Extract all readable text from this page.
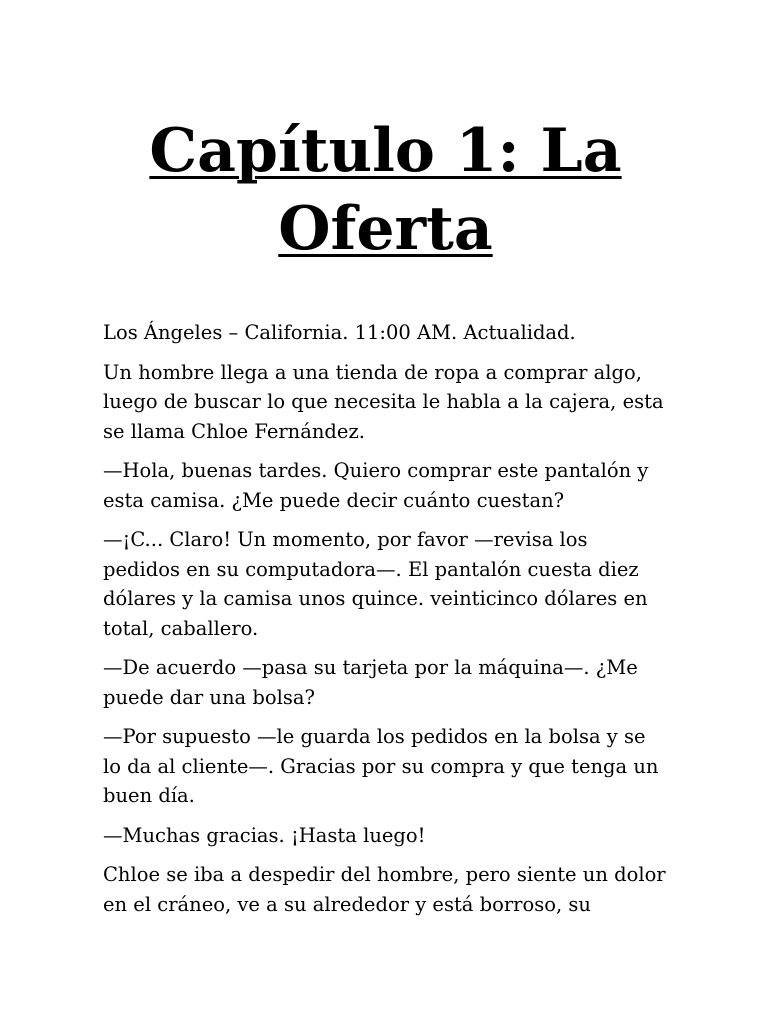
Capítulo 1: La Oferta

Los Ángeles – California. 11:00 AM. Actualidad.

Un hombre llega a una tienda de ropa a comprar algo, luego de buscar lo que necesita le habla a la cajera, esta se llama Chloe Fernández.

—Hola, buenas tardes. Quiero comprar este pantalón y esta camisa. ¿Me puede decir cuánto cuestan?

—¡C... Claro! Un momento, por favor —revisa los pedidos en su computadora—. El pantalón cuesta diez dólares y la camisa unos quince. veinticinco dólares en total, caballero.

—De acuerdo —pasa su tarjeta por la máquina—. ¿Me puede dar una bolsa?

—Por supuesto —le guarda los pedidos en la bolsa y se lo da al cliente—. Gracias por su compra y que tenga un buen día.

—Muchas gracias. ¡Hasta luego!

Chloe se iba a despedir del hombre, pero siente un dolor en el cráneo, ve a su alrededor y está borroso, su
